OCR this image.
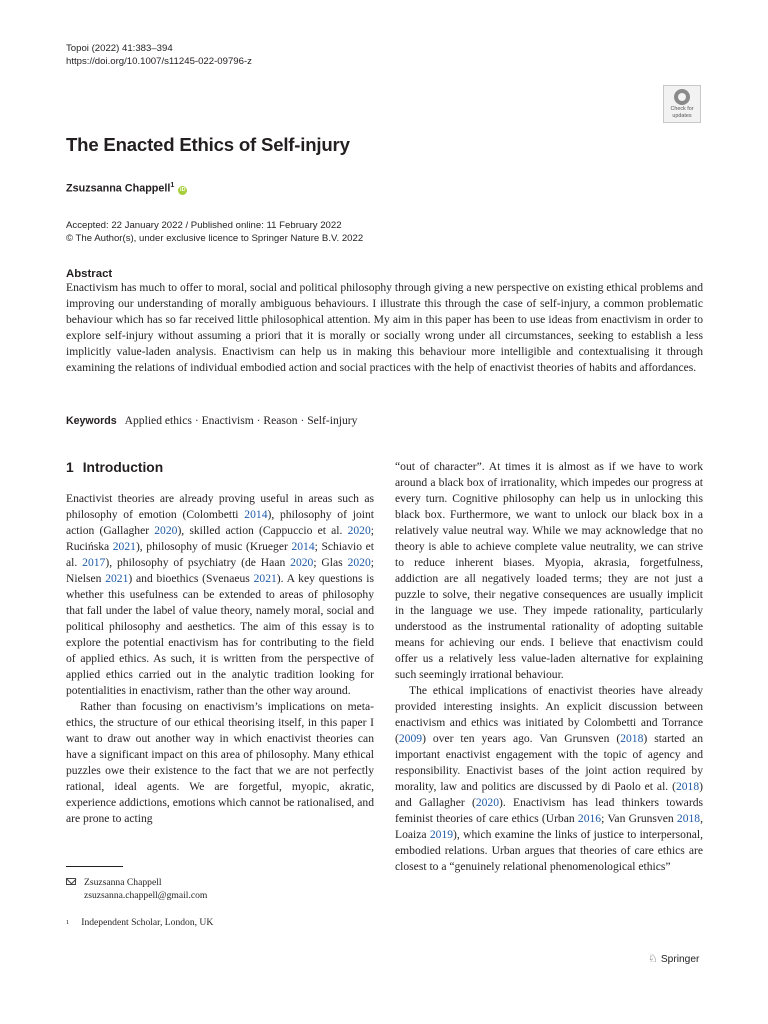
Topoi (2022) 41:383–394
https://doi.org/10.1007/s11245-022-09796-z
Check for
updates
The Enacted Ethics of Self-injury
Zsuzsanna Chappell$^1$ iD
Accepted: 22 January 2022 / Published online: 11 February 2022
© The Author(s), under exclusive licence to Springer Nature B.V. 2022
Abstract

Enactivism has much to offer to moral, social and political philosophy through giving a new perspective on existing ethical problems and improving our understanding of morally ambiguous behaviours. I illustrate this through the case of self-injury, a common problematic behaviour which has so far received little philosophical attention. My aim in this paper has been to use ideas from enactivism in order to explore self-injury without assuming a priori that it is morally or socially wrong under all circumstances, seeking to establish a less implicitly value-laden analysis. Enactivism can help us in making this behaviour more intelligible and contextualising it through examining the relations of individual embodied action and social practices with the help of enactivist theories of habits and affordances.

Keywords Applied ethics · Enactivism · Reason · Self-injury
1 Introduction

Enactivist theories are already proving useful in areas such as philosophy of emotion (Colombetti 2014), philosophy of joint action (Gallagher 2020), skilled action (Cappuccio et al. 2020; Rucińska 2021), philosophy of music (Krueger 2014; Schiavio et al. 2017), philosophy of psychiatry (de Haan 2020; Glas 2020; Nielsen 2021) and bioethics (Svenaeus 2021). A key questions is whether this usefulness can be extended to areas of philosophy that fall under the label of value theory, namely moral, social and political philosophy and aesthetics. The aim of this essay is to explore the potential enactivism has for contributing to the field of applied ethics. As such, it is written from the perspective of applied ethics carried out in the analytic tradition looking for potentialities in enactivism, rather than the other way around.

Rather than focusing on enactivism’s implications on meta-ethics, the structure of our ethical theorising itself, in this paper I want to draw out another way in which enactivist theories can have a significant impact on this area of philosophy. Many ethical puzzles owe their existence to the fact that we are not perfectly rational, ideal agents. We are forgetful, myopic, akratic, experience addictions, emotions which cannot be rationalised, and are prone to acting

“out of character”. At times it is almost as if we have to work around a black box of irrationality, which impedes our progress at every turn. Cognitive philosophy can help us in unlocking this black box. Furthermore, we want to unlock our black box in a relatively value neutral way. While we may acknowledge that no theory is able to achieve complete value neutrality, we can strive to reduce inherent biases. Myopia, akrasia, forgetfulness, addiction are all negatively loaded terms; they are not just a puzzle to solve, their negative consequences are usually implicit in the language we use. They impede rationality, particularly understood as the instrumental rationality of adopting suitable means for achieving our ends. I believe that enactivism could offer us a relatively less value-laden alternative for explaining such seemingly irrational behaviour.

The ethical implications of enactivist theories have already provided interesting insights. An explicit discussion between enactivism and ethics was initiated by Colombetti and Torrance (2009) over ten years ago. Van Grunsven (2018) started an important enactivist engagement with the topic of agency and responsibility. Enactivist bases of the joint action required by morality, law and politics are discussed by di Paolo et al. (2018) and Gallagher (2020). Enactivism has lead thinkers towards feminist theories of care ethics (Urban 2016; Van Grunsven 2018, Loaiza 2019), which examine the links of justice to interpersonal, embodied relations. Urban argues that theories of care ethics are closest to a “genuinely relational phenomenological ethics”

Zsuzsanna Chappell
zsuzsanna.chappell@gmail.com
$^1$ Independent Scholar, London, UK
♘ Springer
